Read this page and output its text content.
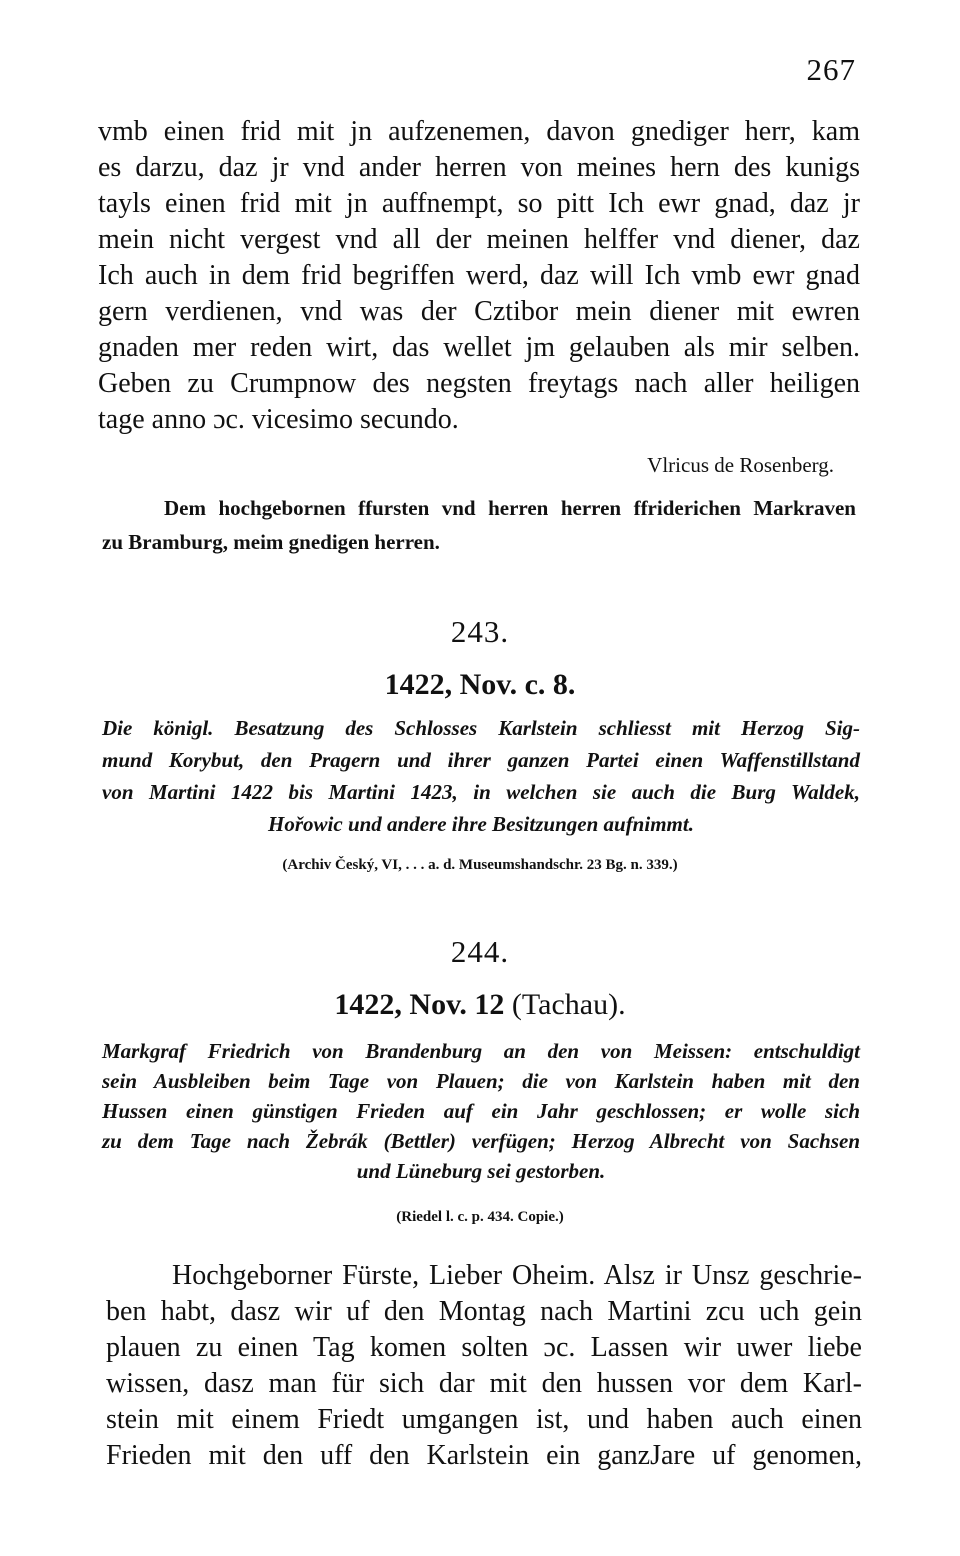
267
vmb einen frid mit jn aufzenemen, davon gnediger herr, kam
es darzu, daz jr vnd ander herren von meines hern des kunigs
tayls einen frid mit jn auffnempt, so pitt Ich ewr gnad, daz jr
mein nicht vergest vnd all der meinen helffer vnd diener, daz
Ich auch in dem frid begriffen werd, daz will Ich vmb ewr gnad
gern verdienen, vnd was der Cztibor mein diener mit ewren
gnaden mer reden wirt, das wellet jm gelauben als mir selben.
Geben zu Crumpnow des negsten freytags nach aller heiligen
tage anno ɔc. vicesimo secundo.
Vlricus de Rosenberg.
Dem hochgebornen ffursten vnd herren herren ffriderichen Markraven
zu Bramburg, meim gnedigen herren.
243.
1422, Nov. c. 8.
Die königl. Besatzung des Schlosses Karlstein schliesst mit Herzog Sig-
mund Korybut, den Pragern und ihrer ganzen Partei einen Waffenstillstand
von Martini 1422 bis Martini 1423, in welchen sie auch die Burg Waldek,
Hořowic und andere ihre Besitzungen aufnimmt.
(Archiv Český, VI, . . . a. d. Museumshandschr. 23 Bg. n. 339.)
244.
1422, Nov. 12 (Tachau).
Markgraf Friedrich von Brandenburg an den von Meissen: entschuldigt
sein Ausbleiben beim Tage von Plauen; die von Karlstein haben mit den
Hussen einen günstigen Frieden auf ein Jahr geschlossen; er wolle sich
zu dem Tage nach Žebrák (Bettler) verfügen; Herzog Albrecht von Sachsen
und Lüneburg sei gestorben.
(Riedel l. c. p. 434. Copie.)
Hochgeborner Fürste, Lieber Oheim. Alsz ir Unsz geschrie-
ben habt, dasz wir uf den Montag nach Martini zcu uch gein
plauen zu einen Tag komen solten ɔc. Lassen wir uwer liebe
wissen, dasz man für sich dar mit den hussen vor dem Karl-
stein mit einem Friedt umgangen ist, und haben auch einen
Frieden mit den uff den Karlstein ein ganzJare uf genomen,
